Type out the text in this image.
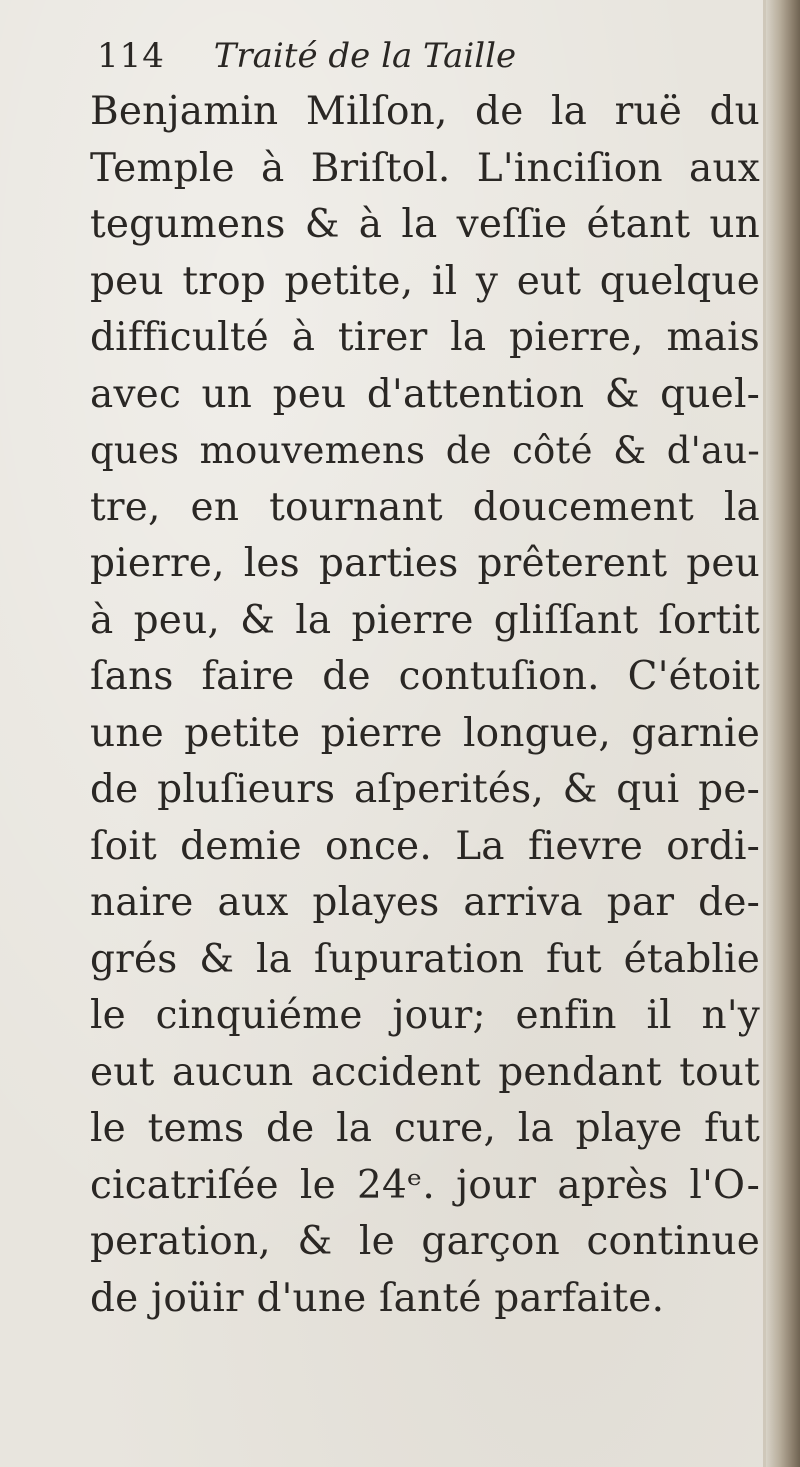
114 Traité de la Taille
Benjamin Milſon, de la ruë du
Temple à Briſtol. L'inciſion aux
tegumens & à la veſſie étant un
peu trop petite, il y eut quelque
difficulté à tirer la pierre, mais
avec un peu d'attention & quel-
ques mouvemens de côté & d'au-
tre, en tournant doucement la
pierre, les parties prêterent peu
à peu, & la pierre gliſſant ſortit
ſans faire de contuſion. C'étoit
une petite pierre longue, garnie
de pluſieurs aſperités, & qui pe-
ſoit demie once. La fievre ordi-
naire aux playes arriva par de-
grés & la ſupuration fut établie
le cinquiéme jour; enfin il n'y
eut aucun accident pendant tout
le tems de la cure, la playe fut
cicatriſée le 24ᵉ. jour après l'O-
peration, & le garçon continue
de joüir d'une ſanté parfaite.
